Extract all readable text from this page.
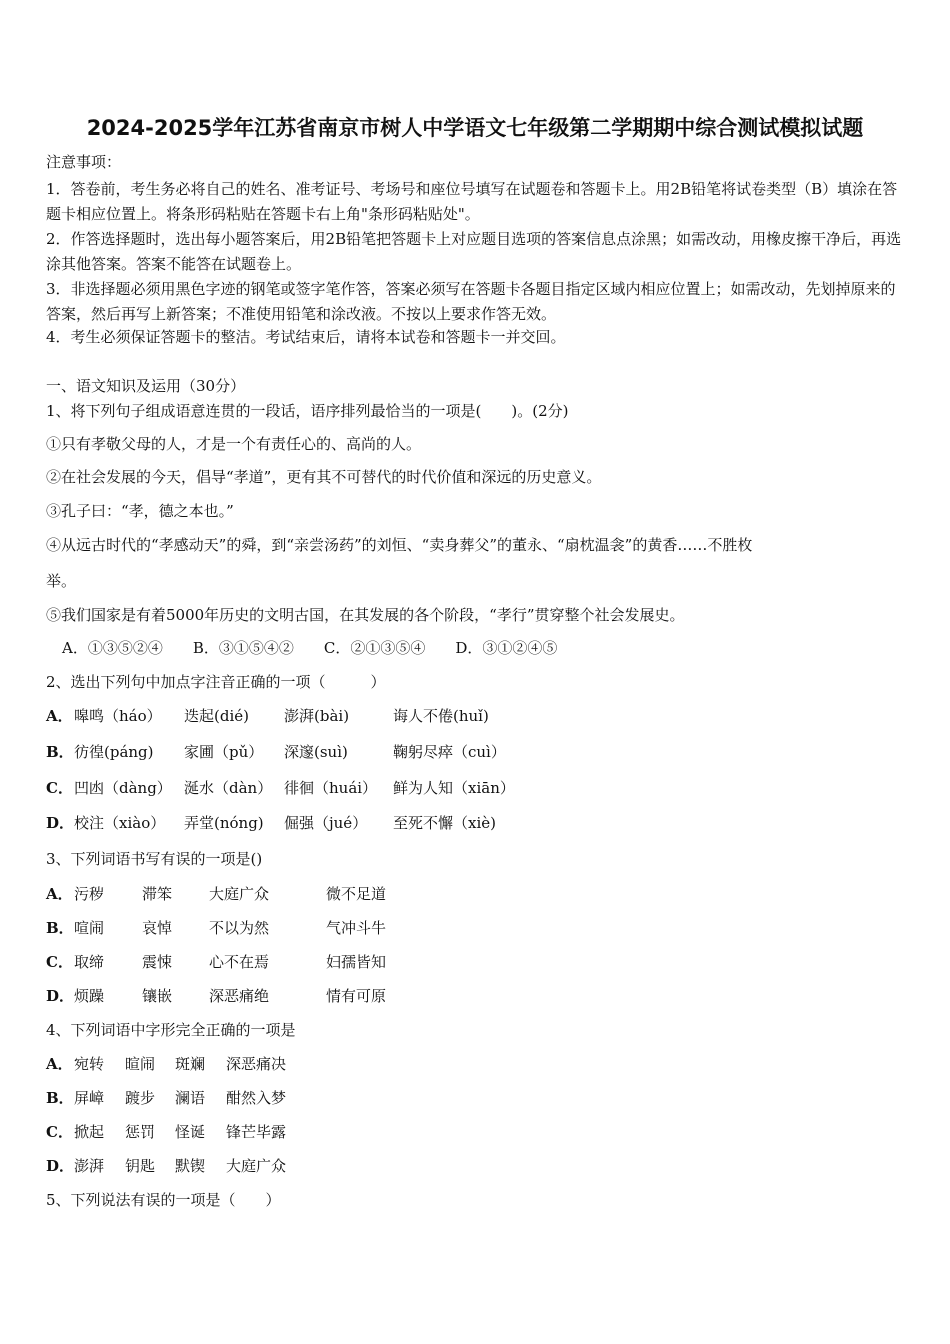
2024-2025学年江苏省南京市树人中学语文七年级第二学期期中综合测试模拟试题
注意事项：
1．答卷前，考生务必将自己的姓名、准考证号、考场号和座位号填写在试题卷和答题卡上。用2B铅笔将试卷类型（B）填涂在答题卡相应位置上。将条形码粘贴在答题卡右上角"条形码粘贴处"。
2．作答选择题时，选出每小题答案后，用2B铅笔把答题卡上对应题目选项的答案信息点涂黑；如需改动，用橡皮擦干净后，再选涂其他答案。答案不能答在试题卷上。
3．非选择题必须用黑色字迹的钢笔或签字笔作答，答案必须写在答题卡各题目指定区域内相应位置上；如需改动，先划掉原来的答案，然后再写上新答案；不准使用铅笔和涂改液。不按以上要求作答无效。
4．考生必须保证答题卡的整洁。考试结束后，请将本试卷和答题卡一并交回。
一、语文知识及运用（30分）
1、将下列句子组成语意连贯的一段话，语序排列最恰当的一项是(　　)。(2分)
①只有孝敬父母的人，才是一个有责任心的、高尚的人。
②在社会发展的今天，倡导“孝道”，更有其不可替代的时代价值和深远的历史意义。
③孔子曰：“孝，德之本也。”
④从远古时代的“孝感动天”的舜，到“亲尝汤药”的刘恒、“卖身葬父”的董永、“扇枕温衾”的黄香……不胜枚
举。
⑤我们国家是有着5000年历史的文明古国，在其发展的各个阶段，“孝行”贯穿整个社会发展史。
A．①③⑤②④ B．③①⑤④② C．②①③⑤④ D．③①②④⑤
2、选出下列句中加点字注音正确的一项（　　　）
A． 嗥鸣（háo） 迭起(dié) 澎湃(bài)	诲人不倦(huǐ)
B． 彷徨(páng) 家圃（pǔ） 深邃(suì)	鞠躬尽瘁（cuì）
C． 凹凼（dàng） 涎水（dàn） 徘徊（huái） 鲜为人知（xiān）
D． 校注（xiào） 弄堂(nóng) 倔强（jué） 至死不懈（xiè)
3、下列词语书写有误的一项是()
A． 污秽	滞笨 大庭广众	微不足道
B． 喧闹	哀悼 不以为然	气冲斗牛
C． 取缔	震悚 心不在焉	妇孺皆知
D． 烦躁	镶嵌 深恶痛绝	情有可原
4、下列词语中字形完全正确的一项是
A． 宛转 暄闹 斑斓 深恶痛决
B． 屏嶂 踱步 澜语 酣然入梦
C． 掀起 惩罚 怪诞 锋芒毕露
D． 澎湃 钥匙 默锲 大庭广众
5、下列说法有误的一项是（　　）
